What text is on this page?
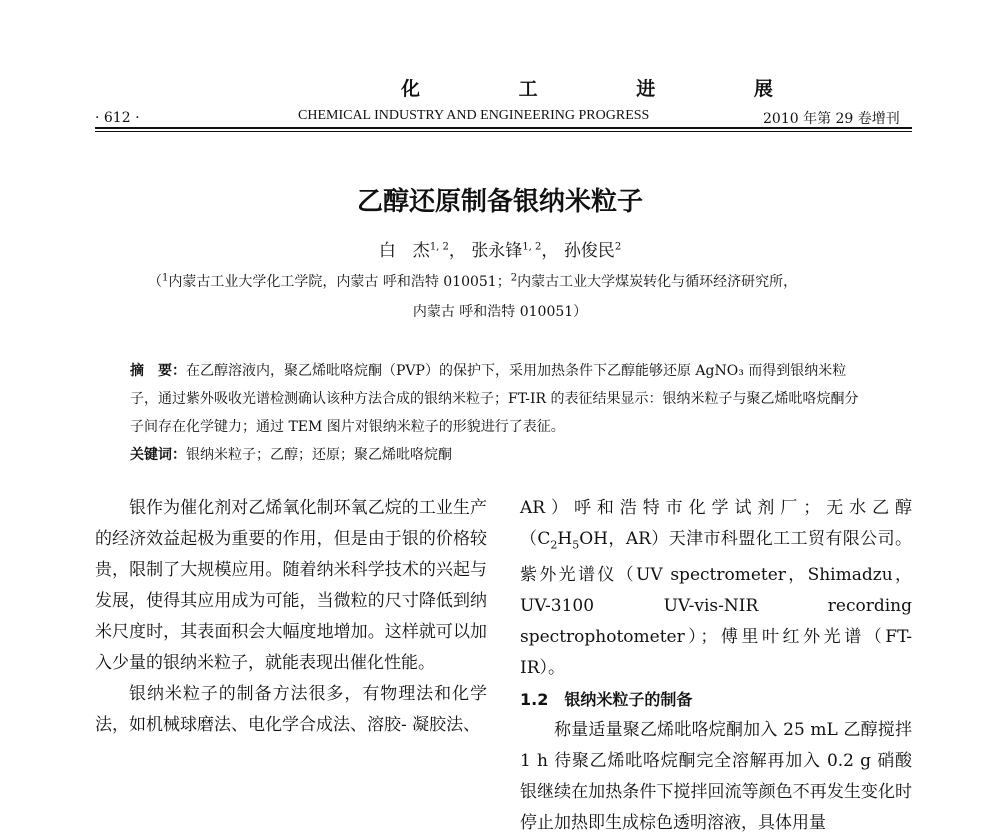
化 工 进 展
· 612 ·	CHEMICAL INDUSTRY AND ENGINEERING PROGRESS	2010 年第 29 卷增刊
乙醇还原制备银纳米粒子
白　杰$^{1, 2}$， 张永锋$^{1, 2}$， 孙俊民$^2$
（$^1$内蒙古工业大学化工学院，内蒙古 呼和浩特 010051；$^2$内蒙古工业大学煤炭转化与循环经济研究所，
内蒙古 呼和浩特 010051）

摘　要：在乙醇溶液内，聚乙烯吡咯烷酮（PVP）的保护下，采用加热条件下乙醇能够还原 AgNO₃ 而得到银纳米粒子，通过紫外吸收光谱检测确认该种方法合成的银纳米粒子；FT-IR 的表征结果显示：银纳米粒子与聚乙烯吡咯烷酮分子间存在化学键力；通过 TEM 图片对银纳米粒子的形貌进行了表征。

关键词：银纳米粒子；乙醇；还原；聚乙烯吡咯烷酮

银作为催化剂对乙烯氧化制环氧乙烷的工业生产的经济效益起极为重要的作用，但是由于银的价格较贵，限制了大规模应用。随着纳米科学技术的兴起与发展，使得其应用成为可能，当微粒的尺寸降低到纳米尺度时，其表面积会大幅度地增加。这样就可以加入少量的银纳米粒子，就能表现出催化性能。

银纳米粒子的制备方法很多，有物理法和化学法，如机械球磨法、电化学合成法、溶胶- 凝胶法、

AR）呼和浩特市化学试剂厂；无水乙醇（$C_2H_5OH$，AR）天津市科盟化工工贸有限公司。紫外光谱仪（UV spectrometer，Shimadzu，UV-3100 UV-vis-NIR recording spectrophotometer）；傅里叶红外光谱（FT-IR）。

1.2　银纳米粒子的制备

称量适量聚乙烯吡咯烷酮加入 25 mL 乙醇搅拌 1 h 待聚乙烯吡咯烷酮完全溶解再加入 0.2 g 硝酸银继续在加热条件下搅拌回流等颜色不再发生变化时停止加热即生成棕色透明溶液，具体用量
